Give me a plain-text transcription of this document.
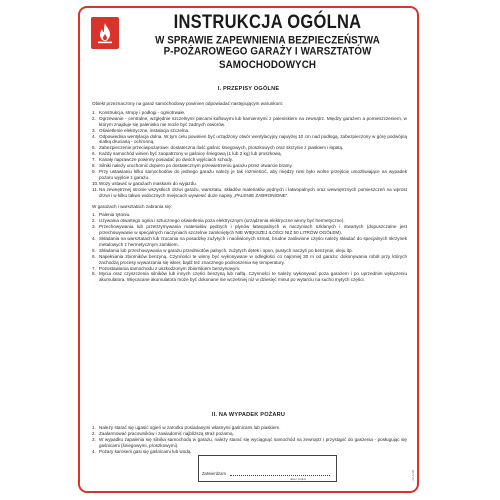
INSTRUKCJA OGÓLNA
W SPRAWIE ZAPEWNIENIA BEZPIECZEŃSTWA
P-POŻAROWEGO GARAŻY I WARSZTATÓW SAMOCHODOWYCH
I. PRZEPISY OGÓLNE

Obiekt przeznaczony na garaż samochodowy powinien odpowiadać następującym warunkom:

1. Konstrukcja, stropy i podłogi - ogniotrwałe.
2. Ogrzewanie - centralne, względnie szczelnymi piecami kaflowymi lub kamiennymi z paleniskiem na zewnątrz. Między garażem a pomieszczeniem, w którym znajduje się palenisko nie może być żadnych otworów.
3. Oświetlenie elektryczne, instalacja szczelna.
4. Odpowiednia wentylacja dolna. W tym celu powinien być urządzony otwór wentylacyjny najwyżej 10 cm nad podłogą, zabezpieczony w górę podwójną siatką drucianą - ochronną.
5. Zabezpieczenie przeciwpożarowe: dostateczna ilość gaśnic śniegowych, proszkowych oraz skrzynie z piaskiem i łopatą.
6. Każdy samochód winien być zaopatrzony w gaśnicę śniegową (1 lub 2 kg) lub proszkową.
7. Kanały naprawcze powinny posiadać po dwóch wyjściach schody.
8. Silniki należy uruchomić dopiero po dostatecznym przewietrzeniu garażu przez otwarcie bramy.
9. Przy ustawianiu kilku samochodów do jednego garażu należy je tak rozmieścić, aby między nimi było wolne przejście umożliwiające na wypadek pożaru wyjście z garażu.
10. Wozy ustawić w garażach maskami do wyjazdu.
11. Na zewnętrznej stronie wszystkich drzwi garażu, warsztatu, składów materiałów pędnych i łatwopalnych oraz wewnętrznych pomieszczeń na wprost drzwi i w kilku takwo widocznych miejscach wywiesić duże napisy „PALENIE ZABRONIONE”.

W garażach i warsztatach zabrania się:

1. Palenia tytoniu.
2. Używania otwartego ognia i sztucznego oświetlenia poza elektrycznym (urządzenia elektryczne winny być hermetyczne).
3. Przechowywania lub przetrzymywania materiałów pędnych i płynów łatwopalnych w naczyniach szklanych i otwartych (dopuszczalne jest przechowywanie w specjalnych naczyniach szczelnie zamkniętych NIE WIĘKSZEJ ILOŚCI NIŻ 50 LITRÓW OGÓŁEM).
4. Składania na warsztatach lub rzucania na posadzkę zużytych i naoliwionych szmat, brudne zaoliwione części należy składać do specjalnych skrzynek metalowych z hermetycznym zamkiem.
5. Składania lub przechowywania w garażu przedmiotów palnych, zużytych dętek i opon, pustych naczyń po benzynie, oleju itp.
6. Napełniania zbiorników benzyną. Czynności te winny być wykonywane w odległości co najmniej 30 m od garażu; dokonywania robót przy których zachodzą procesy wywarzania się iskier, bądź też znacznego podnoszenia się temperatury.
7. Pozostawiania samochodu z uszkodzonym zbiornikiem benzynowym.
8. Mycia oraz czyszczenia silników lub innych części benzyną lub naftą. Czynności te należy wykonywać poza garażem i po uprzednim wyłączeniu akumulatora. Więcacane akumulatora może być dokonane nie wcześniej niż w dziesięć minut po wytarciu na sucho mytych części.
II. NA WYPADEK POŻARU
1. Należy starać się ugasić ogień w zarodku posiadanymi własnymi gaśnicami lub piaskiem.
2. Zaalarmować pracowników i zawiadomić najbliższą straż pożarną.
3. W wypadku zapalenia się silnika samochodu w garażu, należy starać się wyciągnąć samochód na zewnątrz i przystąpić do gaszenia - posługując się gaśnicami (śniegowymi, proszkowymi).
4. Pożary karoserii gasi się gaśnicami lub wodą.
Zatwierdzam
data i podpis	ZZ-1/1B
